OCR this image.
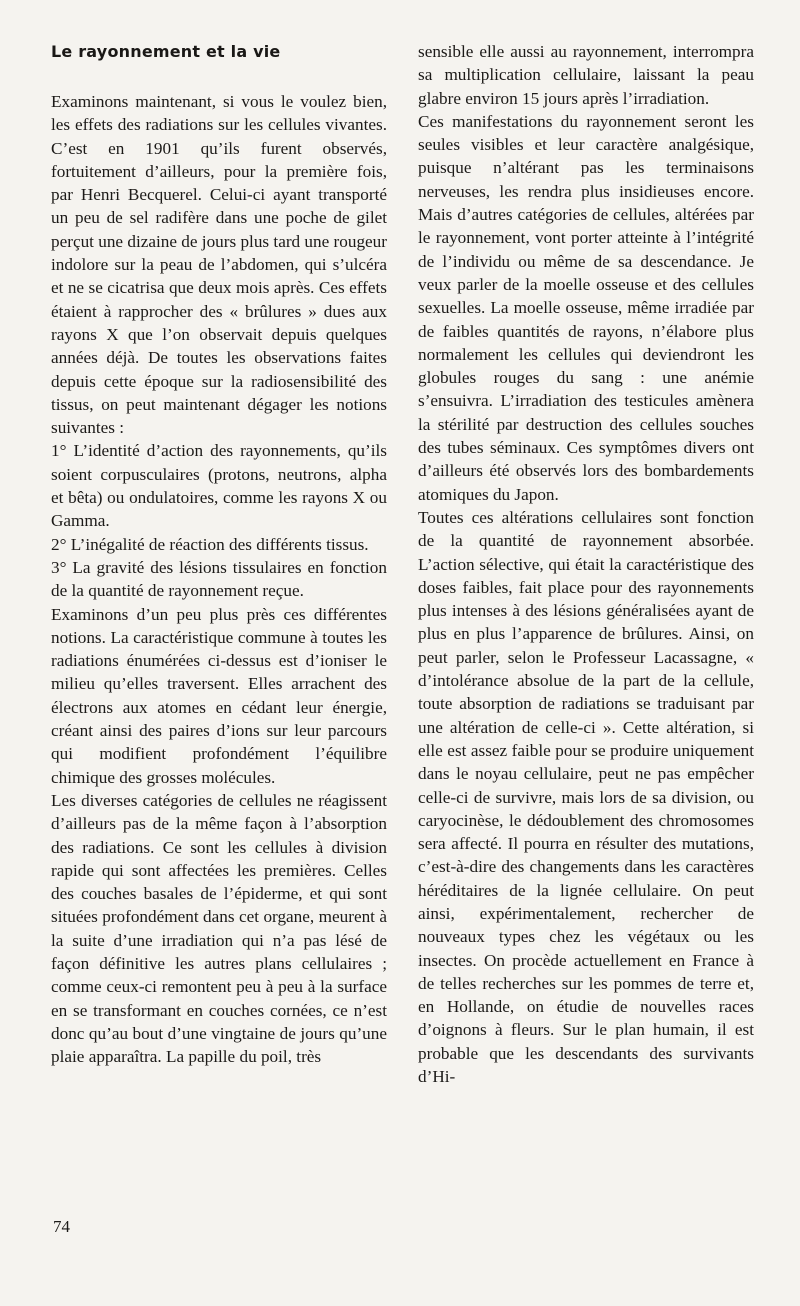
Le rayonnement et la vie

Examinons maintenant, si vous le voulez bien, les effets des radiations sur les cellules vivantes. C’est en 1901 qu’ils furent observés, fortuitement d’ailleurs, pour la première fois, par Henri Becquerel. Celui-ci ayant transporté un peu de sel radifère dans une poche de gilet perçut une dizaine de jours plus tard une rougeur indolore sur la peau de l’abdomen, qui s’ulcéra et ne se cicatrisa que deux mois après. Ces effets étaient à rapprocher des « brûlures » dues aux rayons X que l’on observait depuis quelques années déjà. De toutes les observations faites depuis cette époque sur la radiosensibilité des tissus, on peut maintenant dégager les notions suivantes :

1° L’identité d’action des rayonnements, qu’ils soient corpusculaires (protons, neutrons, alpha et bêta) ou ondulatoires, comme les rayons X ou Gamma.

2° L’inégalité de réaction des différents tissus.

3° La gravité des lésions tissulaires en fonction de la quantité de rayonnement reçue.

Examinons d’un peu plus près ces différentes notions. La caractéristique commune à toutes les radiations énumérées ci-dessus est d’ioniser le milieu qu’elles traversent. Elles arrachent des électrons aux atomes en cédant leur énergie, créant ainsi des paires d’ions sur leur parcours qui modifient profondément l’équilibre chimique des grosses molécules.

Les diverses catégories de cellules ne réagissent d’ailleurs pas de la même façon à l’absorption des radiations. Ce sont les cellules à division rapide qui sont affectées les premières. Celles des couches basales de l’épiderme, et qui sont situées profondément dans cet organe, meurent à la suite d’une irradiation qui n’a pas lésé de façon définitive les autres plans cellulaires ; comme ceux-ci remontent peu à peu à la surface en se transformant en couches cornées, ce n’est donc qu’au bout d’une vingtaine de jours qu’une plaie apparaîtra. La papille du poil, très

sensible elle aussi au rayonnement, interrompra sa multiplication cellulaire, laissant la peau glabre environ 15 jours après l’irradiation.

Ces manifestations du rayonnement seront les seules visibles et leur caractère analgésique, puisque n’altérant pas les terminaisons nerveuses, les rendra plus insidieuses encore. Mais d’autres catégories de cellules, altérées par le rayonnement, vont porter atteinte à l’intégrité de l’individu ou même de sa descendance. Je veux parler de la moelle osseuse et des cellules sexuelles. La moelle osseuse, même irradiée par de faibles quantités de rayons, n’élabore plus normalement les cellules qui deviendront les globules rouges du sang : une anémie s’ensuivra. L’irradiation des testicules amènera la stérilité par destruction des cellules souches des tubes séminaux. Ces symptômes divers ont d’ailleurs été observés lors des bombardements atomiques du Japon.

Toutes ces altérations cellulaires sont fonction de la quantité de rayonnement absorbée. L’action sélective, qui était la caractéristique des doses faibles, fait place pour des rayonnements plus intenses à des lésions généralisées ayant de plus en plus l’apparence de brûlures. Ainsi, on peut parler, selon le Professeur Lacassagne, « d’intolérance absolue de la part de la cellule, toute absorption de radiations se traduisant par une altération de celle-ci ». Cette altération, si elle est assez faible pour se produire uniquement dans le noyau cellulaire, peut ne pas empêcher celle-ci de survivre, mais lors de sa division, ou caryocinèse, le dédoublement des chromosomes sera affecté. Il pourra en résulter des mutations, c’est-à-dire des changements dans les caractères héréditaires de la lignée cellulaire. On peut ainsi, expérimentalement, rechercher de nouveaux types chez les végétaux ou les insectes. On procède actuellement en France à de telles recherches sur les pommes de terre et, en Hollande, on étudie de nouvelles races d’oignons à fleurs. Sur le plan humain, il est probable que les descendants des survivants d’Hi-

74
